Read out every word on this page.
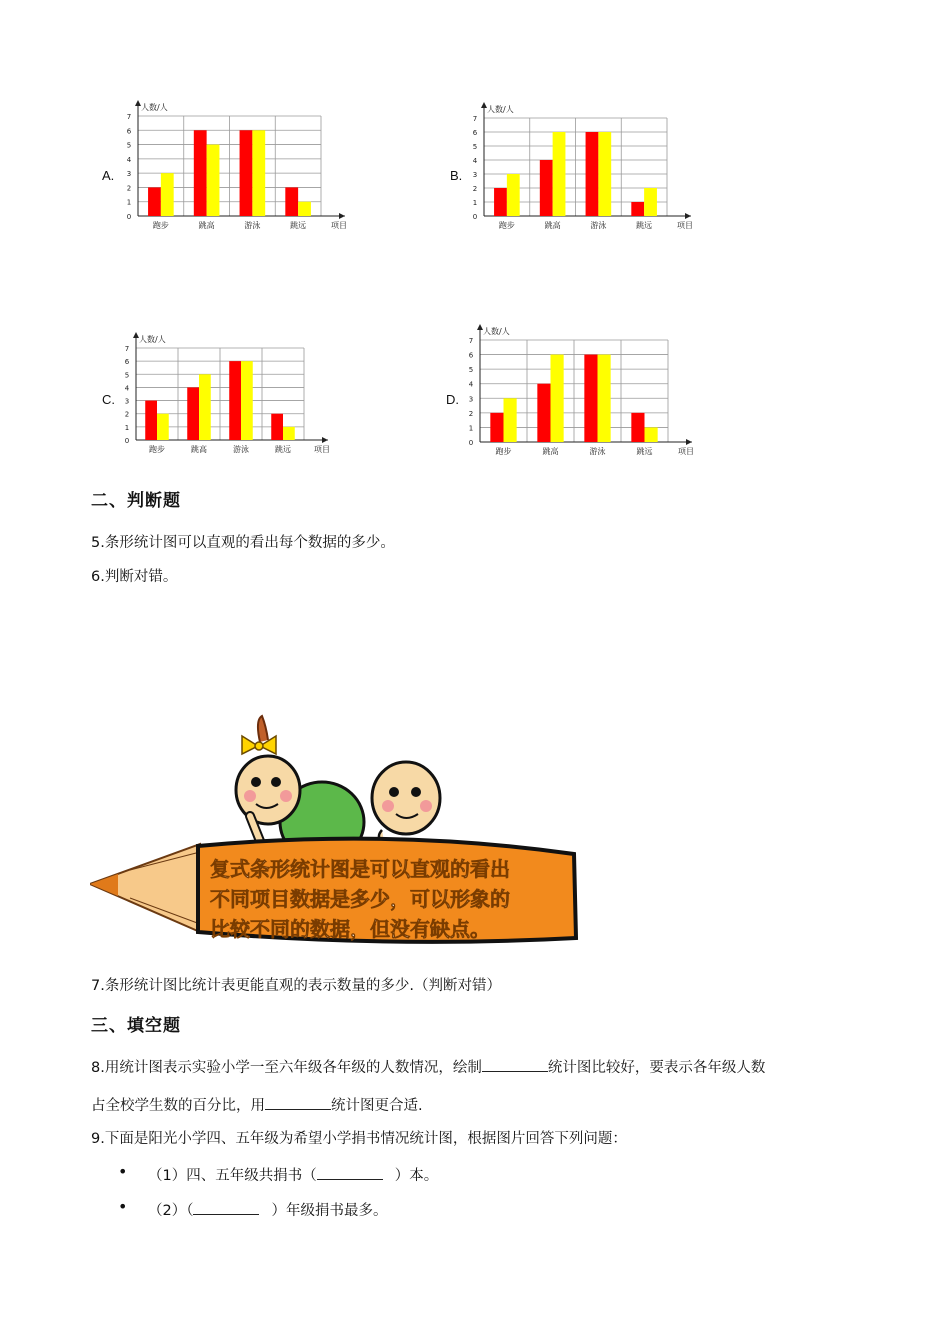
A.	B.
C.	D.
人数/人
0
1
2
3
4
5
6
7
项目
跑步	跳高	游泳	跳远
人数/人
0
1
2
3
4
5
6
7
项目
跑步	跳高	游泳	跳远
人数/人
0
1
2
3
4
5
6
7
项目
跑步	跳高	游泳	跳远
人数/人
0
1
2
3
4
5
6
7
项目
跑步	跳高	游泳	跳远
二、判断题
5.条形统计图可以直观的看出每个数据的多少。
6.判断对错。
复式条形统计图是可以直观的看出
不同项目数据是多少，可以形象的
比较不同的数据，但没有缺点。
7.条形统计图比统计表更能直观的表示数量的多少.（判断对错）
三、填空题
8.用统计图表示实验小学一至六年级各年级的人数情况，绘制	统计图比较好，要表示各年级人数
占全校学生数的百分比，用	统计图更合适.
9.下面是阳光小学四、五年级为希望小学捐书情况统计图，根据图片回答下列问题：
• （1）四、五年级共捐书（	）本。
• （2）（	）年级捐书最多。
